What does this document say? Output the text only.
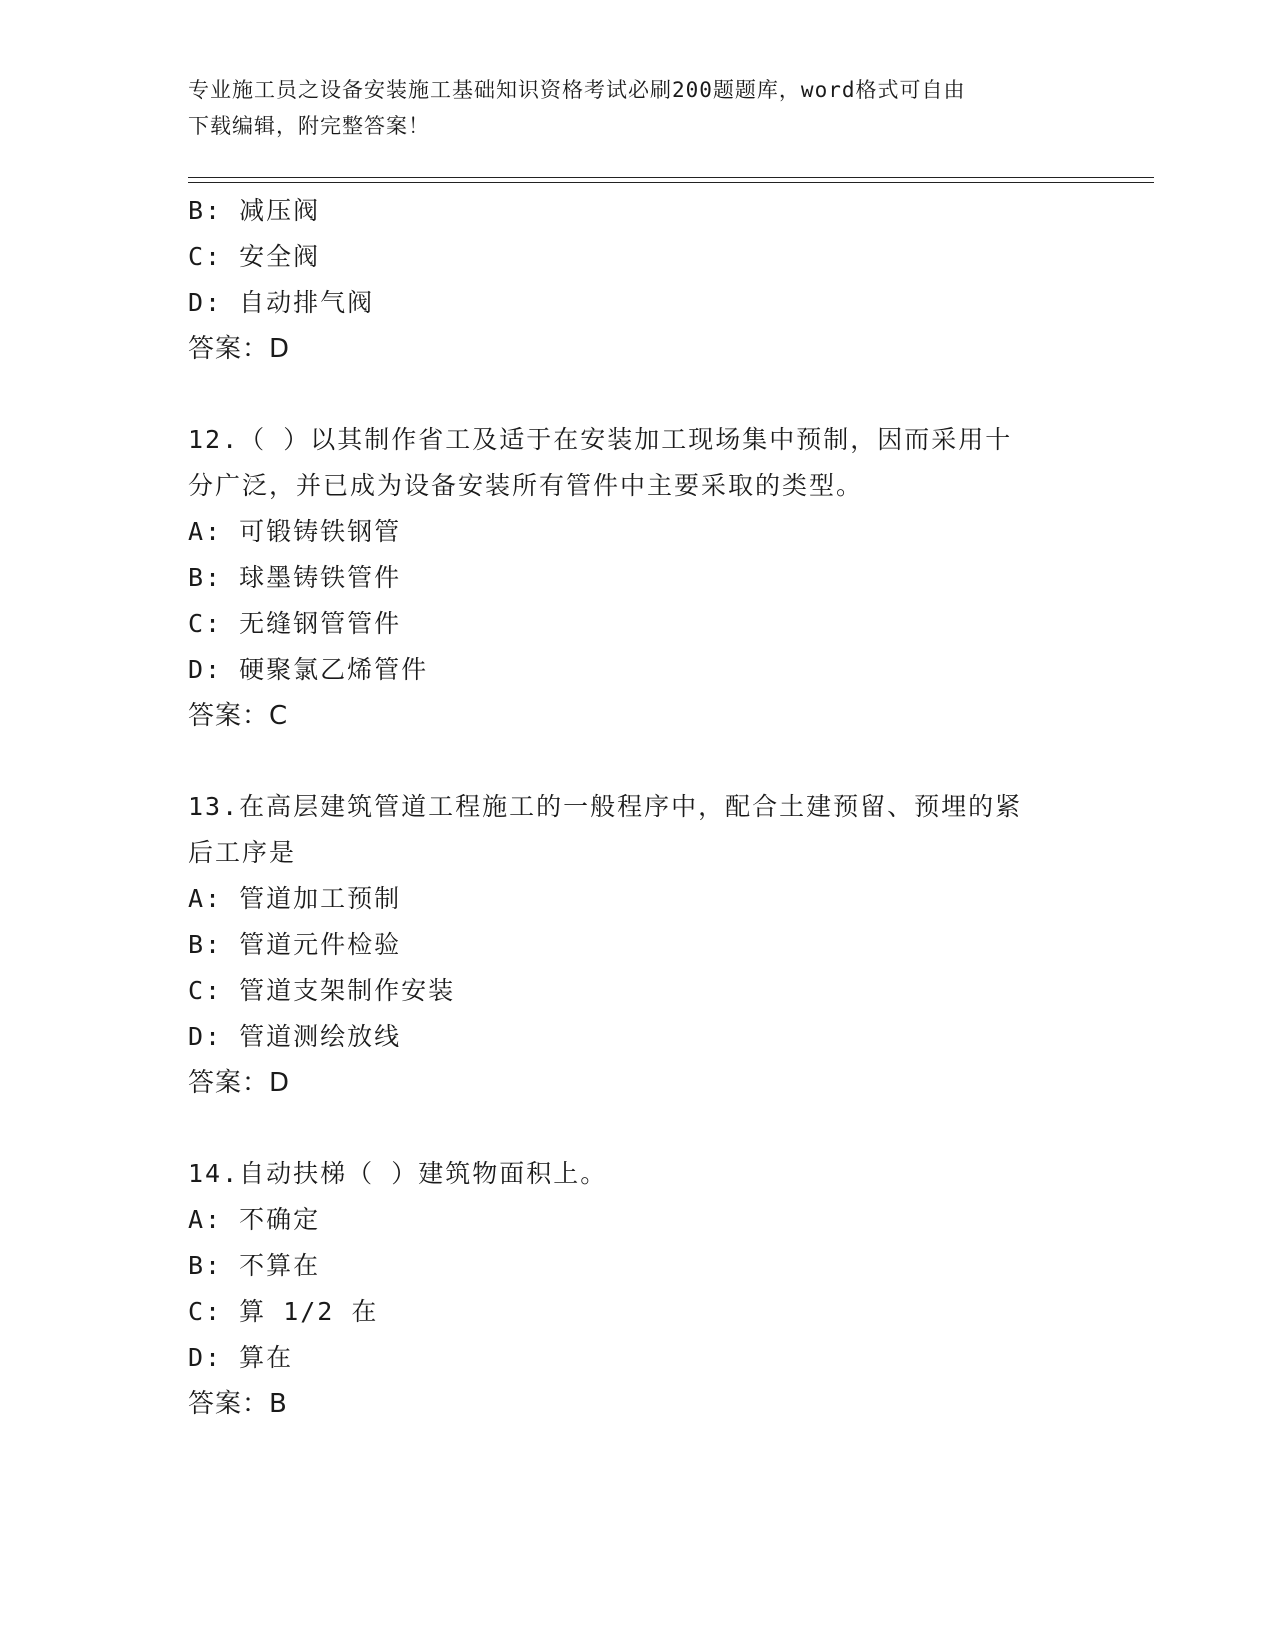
专业施工员之设备安装施工基础知识资格考试必刷200题题库，word格式可自由
下载编辑，附完整答案！
B: 减压阀
C: 安全阀
D: 自动排气阀
答案：D
12.（ ）以其制作省工及适于在安装加工现场集中预制，因而采用十
分广泛，并已成为设备安装所有管件中主要采取的类型。
A: 可锻铸铁钢管
B: 球墨铸铁管件
C: 无缝钢管管件
D: 硬聚氯乙烯管件
答案：C
13.在高层建筑管道工程施工的一般程序中，配合土建预留、预埋的紧
后工序是
A: 管道加工预制
B: 管道元件检验
C: 管道支架制作安装
D: 管道测绘放线
答案：D
14.自动扶梯（ ）建筑物面积上。
A: 不确定
B: 不算在
C: 算 1/2 在
D: 算在
答案：B
